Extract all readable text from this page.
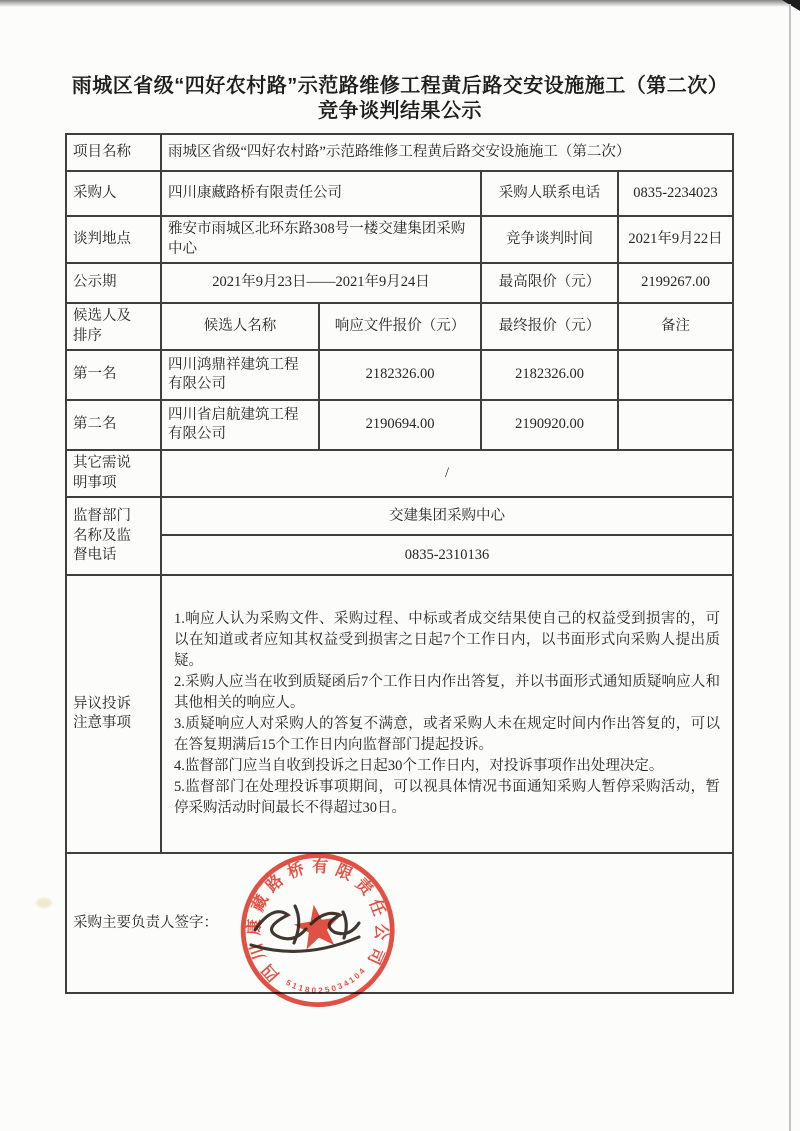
雨城区省级“四好农村路”示范路维修工程黄后路交安设施施工（第二次）
竞争谈判结果公示
项目名称	雨城区省级“四好农村路”示范路维修工程黄后路交安设施施工（第二次）			
采购人	四川康藏路桥有限责任公司		采购人联系电话	0835-2234023
谈判地点	雅安市雨城区北环东路308号一楼交建集团采购中心		竞争谈判时间	2021年9月22日
公示期	2021年9月23日——2021年9月24日		最高限价（元）	2199267.00
候选人及排序	候选人名称	响应文件报价（元）	最终报价（元）	备注
第一名	四川鸿鼎祥建筑工程有限公司	2182326.00	2182326.00	
第二名	四川省启航建筑工程有限公司	2190694.00	2190920.00	
其它需说明事项	/			
监督部门名称及监督电话	交建集团采购中心			
	0835-2310136			
异议投诉注意事项	1.响应人认为采购文件、采购过程、中标或者成交结果使自己的权益受到损害的，可以在知道或者应知其权益受到损害之日起7个工作日内，以书面形式向采购人提出质疑。
2.采购人应当在收到质疑函后7个工作日内作出答复，并以书面形式通知质疑响应人和其他相关的响应人。
3.质疑响应人对采购人的答复不满意，或者采购人未在规定时间内作出答复的，可以在答复期满后15个工作日内向监督部门提起投诉。
4.监督部门应当自收到投诉之日起30个工作日内，对投诉事项作出处理决定。
5.监督部门在处理投诉事项期间，可以视具体情况书面通知采购人暂停采购活动，暂停采购活动时间最长不得超过30日。			

采购主要负责人签字：				
四
川
康
藏
路
桥 有 限
责
任
公
司
5
1 1 8 0 2 5 0 3
4
1
0
4
